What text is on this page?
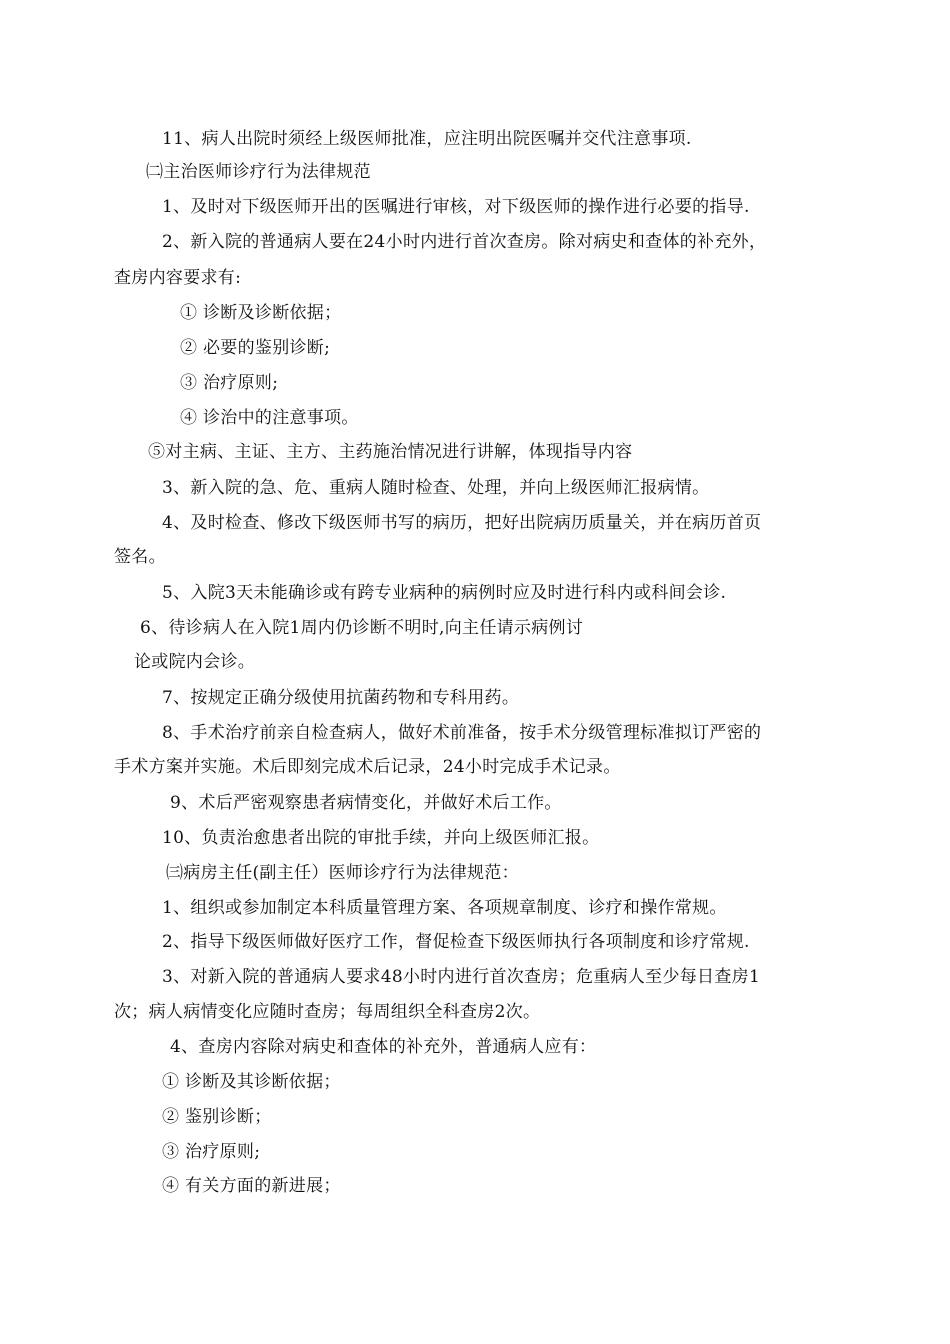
11、病人出院时须经上级医师批准，应注明出院医嘱并交代注意事项.
㈡主治医师诊疗行为法律规范
1、及时对下级医师开出的医嘱进行审核，对下级医师的操作进行必要的指导.
2、新入院的普通病人要在24小时内进行首次查房。除对病史和查体的补充外，
查房内容要求有:
① 诊断及诊断依据；
② 必要的鉴别诊断;
③ 治疗原则;
④ 诊治中的注意事项。
⑤对主病、主证、主方、主药施治情况进行讲解，体现指导内容
3、新入院的急、危、重病人随时检查、处理，并向上级医师汇报病情。
4、及时检查、修改下级医师书写的病历，把好出院病历质量关，并在病历首页
签名。
5、入院3天未能确诊或有跨专业病种的病例时应及时进行科内或科间会诊.
6、待诊病人在入院1周内仍诊断不明时,向主任请示病例讨
论或院内会诊。
7、按规定正确分级使用抗菌药物和专科用药。
8、手术治疗前亲自检查病人，做好术前准备，按手术分级管理标准拟订严密的
手术方案并实施。术后即刻完成术后记录，24小时完成手术记录。
9、术后严密观察患者病情变化，并做好术后工作。
10、负责治愈患者出院的审批手续，并向上级医师汇报。
㈢病房主任(副主任）医师诊疗行为法律规范：
1、组织或参加制定本科质量管理方案、各项规章制度、诊疗和操作常规。
2、指导下级医师做好医疗工作，督促检查下级医师执行各项制度和诊疗常规.
3、对新入院的普通病人要求48小时内进行首次查房；危重病人至少每日查房1
次；病人病情变化应随时查房；每周组织全科查房2次。
4、查房内容除对病史和查体的补充外，普通病人应有：
① 诊断及其诊断依据；
② 鉴别诊断；
③ 治疗原则;
④ 有关方面的新进展；
